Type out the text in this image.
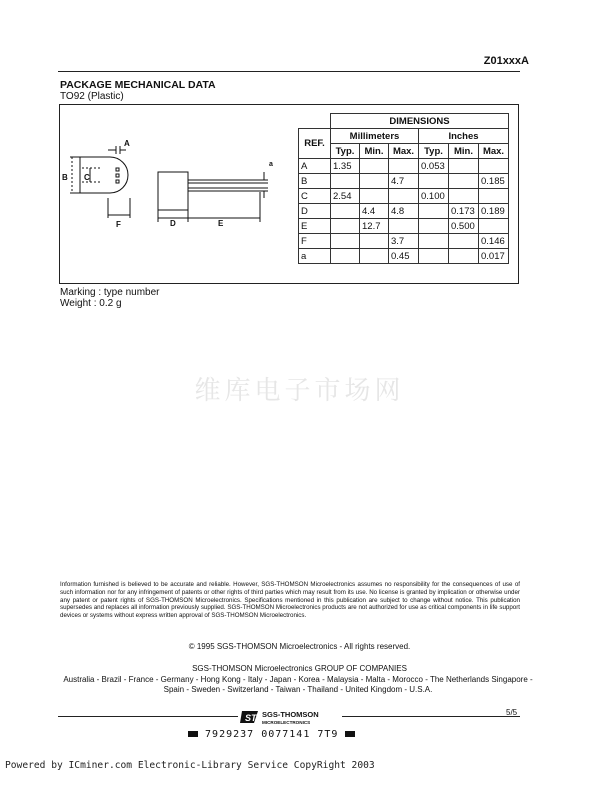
Z01xxxA
PACKAGE MECHANICAL DATA
TO92 (Plastic)
A
B C
F
a
D	E
	DIMENSIONS					
REF.	Millimeters			Inches		
	Typ.	Min.	Max.	Typ.	Min.	Max.
A	1.35			0.053		
B			4.7			0.185
C	2.54			0.100		
D		4.4	4.8		0.173	0.189
E		12.7			0.500	
F			3.7			0.146
a			0.45			0.017
Marking : type number
Weight : 0.2 g
维库电子市场网
Information furnished is believed to be accurate and reliable. However, SGS-THOMSON Microelectronics assumes no responsibility for the consequences of use of such information nor for any infringement of patents or other rights of third parties which may result from its use. No license is granted by implication or otherwise under any patent or patent rights of SGS-THOMSON Microelectronics. Specifications mentioned in this publication are subject to change without notice. This publication supersedes and replaces all information previously supplied. SGS-THOMSON Microelectronics products are not authorized for use as critical components in life support devices or systems without express written approval of SGS-THOMSON Microelectronics.
© 1995 SGS-THOMSON Microelectronics - All rights reserved.
SGS-THOMSON Microelectronics GROUP OF COMPANIES
Australia - Brazil - France - Germany - Hong Kong - Italy - Japan - Korea - Malaysia - Malta - Morocco - The Netherlands Singapore - Spain - Sweden - Switzerland - Taiwan - Thailand - United Kingdom - U.S.A.
ST SGS-THOMSON
MICROELECTRONICS
5/5
7929237 0077141 7T9
Powered by ICminer.com Electronic-Library Service CopyRight 2003
